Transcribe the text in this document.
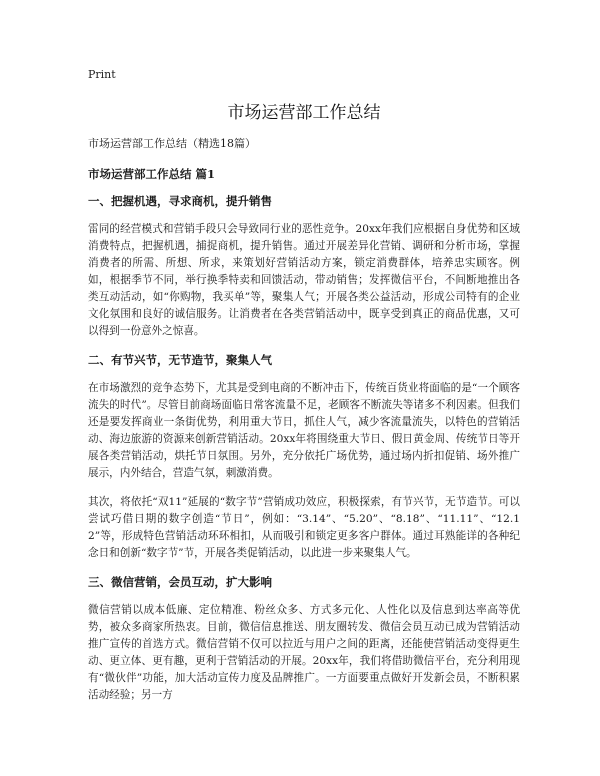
Print
市场运营部工作总结

市场运营部工作总结（精选18篇）

市场运营部工作总结 篇1

一、把握机遇，寻求商机，提升销售

雷同的经营模式和营销手段只会导致同行业的恶性竞争。20xx年我们应根据自身优势和区域消费特点，把握机遇，捕捉商机，提升销售。通过开展差异化营销、调研和分析市场，掌握消费者的所需、所想、所求，来策划好营销活动方案，锁定消费群体，培养忠实顾客。例如，根据季节不同，举行换季特卖和回馈活动，带动销售；发挥微信平台，不间断地推出各类互动活动，如“你购物，我买单”等，聚集人气；开展各类公益活动，形成公司特有的企业文化氛围和良好的诚信服务。让消费者在各类营销活动中，既享受到真正的商品优惠，又可以得到一份意外之惊喜。

二、有节兴节，无节造节，聚集人气

在市场激烈的竞争态势下，尤其是受到电商的不断冲击下，传统百货业将面临的是“一个顾客流失的时代”。尽管目前商场面临日常客流量不足，老顾客不断流失等诸多不利因素。但我们还是要发挥商业一条街优势，利用重大节日，抓住人气，减少客流量流失，以特色的营销活动、海边旅游的资源来创新营销活动。20xx年将围绕重大节日、假日黄金周、传统节日等开展各类营销活动，烘托节日氛围。另外，充分依托广场优势，通过场内折扣促销、场外推广展示，内外结合，营造气氛，刺激消费。

其次，将依托“双11”延展的“数字节”营销成功效应，积极探索，有节兴节，无节造节。可以尝试巧借日期的数字创造“节日”，例如：“3.14”、“5.20”、“8.18”、“11.11”、“12.12”等，形成特色营销活动环环相扣，从而吸引和锁定更多客户群体。通过耳熟能详的各种纪念日和创新“数字节”节，开展各类促销活动，以此进一步来聚集人气。

三、微信营销，会员互动，扩大影响

微信营销以成本低廉、定位精准、粉丝众多、方式多元化、人性化以及信息到达率高等优势，被众多商家所热衷。目前，微信信息推送、朋友圈转发、微信会员互动已成为营销活动推广宣传的首选方式。微信营销不仅可以拉近与用户之间的距离，还能使营销活动变得更生动、更立体、更有趣，更利于营销活动的开展。20xx年，我们将借助微信平台，充分利用现有“微伙伴”功能，加大活动宣传力度及品牌推广。一方面要重点做好开发新会员，不断积累活动经验；另一方
